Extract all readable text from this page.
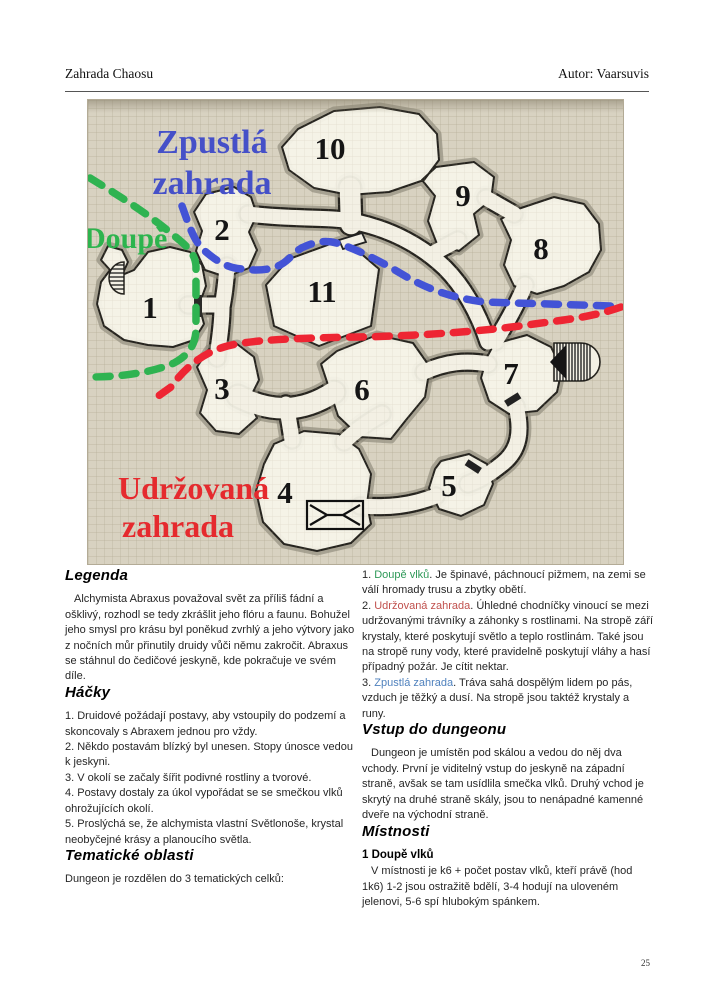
Zahrada Chaosu	Autor: Vaarsuvis
Zpustlá
zahrada
Doupě
Udržovaná
zahrada
1
2
3
4	5
6	7
8
9
10
11
Legenda

Alchymista Abraxus považoval svět za příliš fádní a ošklivý, rozhodl se tedy zkrášlit jeho flóru a faunu. Bohužel jeho smysl pro krásu byl poněkud zvrhlý a jeho výtvory jako z nočních můr přinutily druidy vůči němu zakročit. Abraxus se stáhnul do čedičové jeskyně, kde pokračuje ve svém díle.

Háčky
1. Druidové požádají postavy, aby vstoupily do podzemí a skoncovaly s Abraxem jednou pro vždy.
2. Někdo postavám blízký byl unesen. Stopy únosce vedou k jeskyni.
3. V okolí se začaly šířit podivné rostliny a tvorové.
4. Postavy dostaly za úkol vypořádat se se smečkou vlků ohrožujících okolí.
5. Proslýchá se, že alchymista vlastní Světlonoše, krystal neobyčejné krásy a planoucího světla.
Tematické oblasti

Dungeon je rozdělen do 3 tematických celků:

1. Doupě vlků. Je špinavé, páchnoucí pižmem, na zemi se válí hromady trusu a zbytky obětí.
2. Udržovaná zahrada. Úhledné chodníčky vinoucí se mezi udržovanými trávníky a záhonky s rostlinami. Na stropě září krystaly, které poskytují světlo a teplo rostlinám. Také jsou na stropě runy vody, které pravidelně poskytují vláhy a hasí případný požár. Je cítit nektar.
3. Zpustlá zahrada. Tráva sahá dospělým lidem po pás, vzduch je těžký a dusí. Na stropě jsou taktéž krystaly a runy.
Vstup do dungeonu

Dungeon je umístěn pod skálou a vedou do něj dva vchody. První je viditelný vstup do jeskyně na západní straně, avšak se tam usídlila smečka vlků. Druhý vchod je skrytý na druhé straně skály, jsou to nenápadné kamenné dveře na východní straně.

Místnosti
1 Doupě vlků

V místnosti je k6 + počet postav vlků, kteří právě (hod 1k6) 1-2 jsou ostražitě bdělí, 3-4 hodují na uloveném jelenovi, 5-6 spí hlubokým spánkem.

25
